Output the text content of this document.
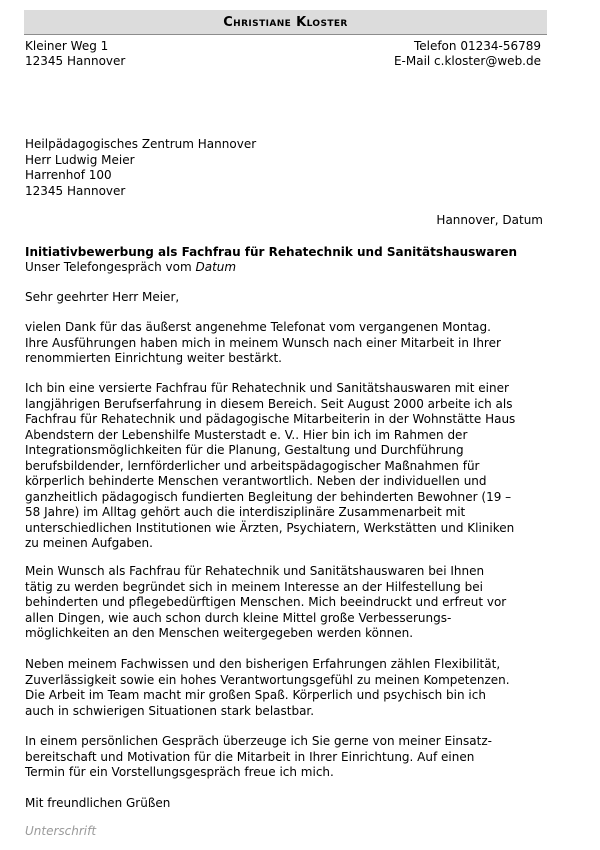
Christiane Kloster
Kleiner Weg 1
12345 Hannover
Telefon 01234-56789
E-Mail c.kloster@web.de
Heilpädagogisches Zentrum Hannover
Herr Ludwig Meier
Harrenhof 100
12345 Hannover
Hannover, Datum
Initiativbewerbung als Fachfrau für Rehatechnik und Sanitätshauswaren
Unser Telefongespräch vom Datum
Sehr geehrter Herr Meier,
vielen Dank für das äußerst angenehme Telefonat vom vergangenen Montag.
Ihre Ausführungen haben mich in meinem Wunsch nach einer Mitarbeit in Ihrer
renommierten Einrichtung weiter bestärkt.
Ich bin eine versierte Fachfrau für Rehatechnik und Sanitätshauswaren mit einer
langjährigen Berufserfahrung in diesem Bereich. Seit August 2000 arbeite ich als
Fachfrau für Rehatechnik und pädagogische Mitarbeiterin in der Wohnstätte Haus
Abendstern der Lebenshilfe Musterstadt e. V.. Hier bin ich im Rahmen der
Integrationsmöglichkeiten für die Planung, Gestaltung und Durchführung
berufsbildender, lernförderlicher und arbeitspädagogischer Maßnahmen für
körperlich behinderte Menschen verantwortlich. Neben der individuellen und
ganzheitlich pädagogisch fundierten Begleitung der behinderten Bewohner (19 –
58 Jahre) im Alltag gehört auch die interdisziplinäre Zusammenarbeit mit
unterschiedlichen Institutionen wie Ärzten, Psychiatern, Werkstätten und Kliniken
zu meinen Aufgaben.
Mein Wunsch als Fachfrau für Rehatechnik und Sanitätshauswaren bei Ihnen
tätig zu werden begründet sich in meinem Interesse an der Hilfestellung bei
behinderten und pflegebedürftigen Menschen. Mich beeindruckt und erfreut vor
allen Dingen, wie auch schon durch kleine Mittel große Verbesserungs-
möglichkeiten an den Menschen weitergegeben werden können.
Neben meinem Fachwissen und den bisherigen Erfahrungen zählen Flexibilität,
Zuverlässigkeit sowie ein hohes Verantwortungsgefühl zu meinen Kompetenzen.
Die Arbeit im Team macht mir großen Spaß. Körperlich und psychisch bin ich
auch in schwierigen Situationen stark belastbar.
In einem persönlichen Gespräch überzeuge ich Sie gerne von meiner Einsatz-
bereitschaft und Motivation für die Mitarbeit in Ihrer Einrichtung. Auf einen
Termin für ein Vorstellungsgespräch freue ich mich.
Mit freundlichen Grüßen
Unterschrift
